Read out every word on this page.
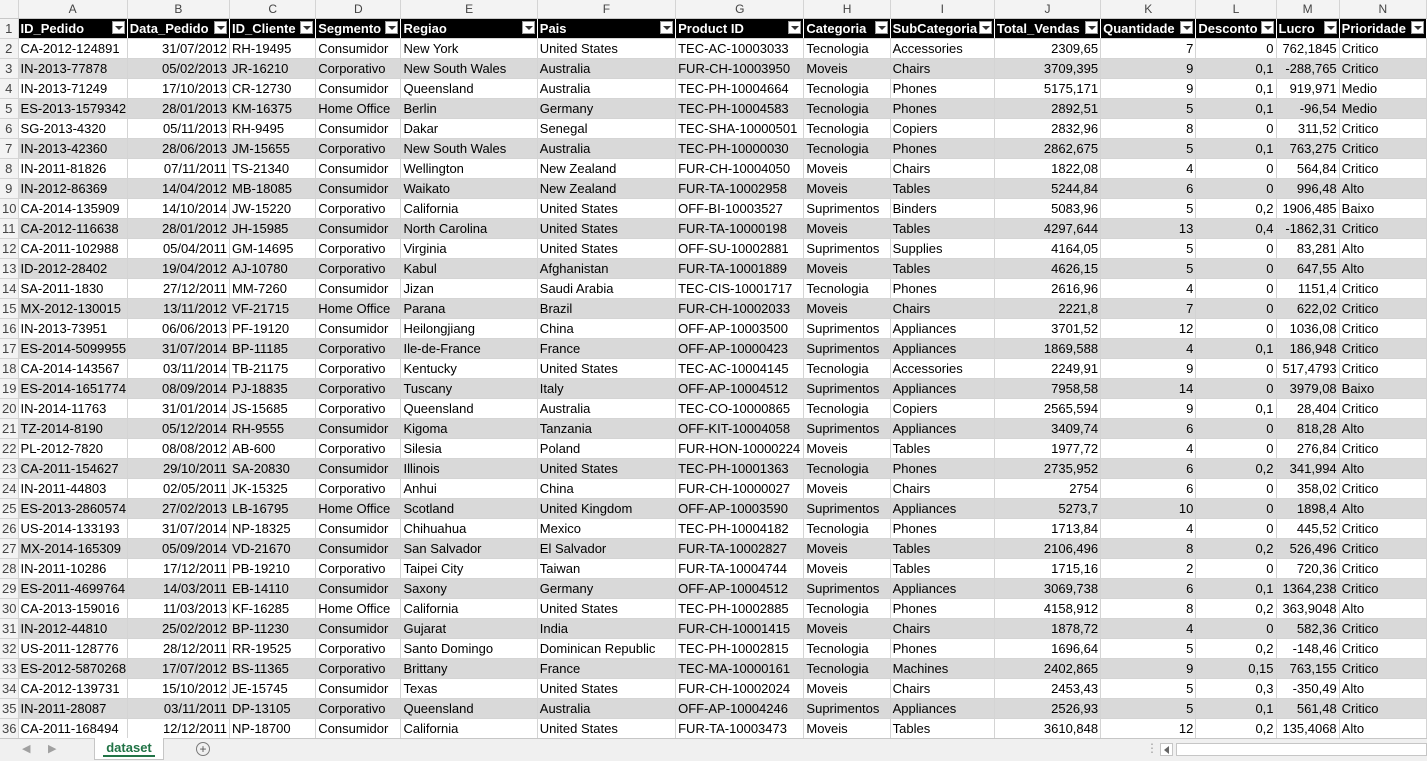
	A	B	C	D	E	F	G	H	I	J	K	L	M	N
1	ID_Pedido	Data_Pedido	ID_Cliente	Segmento	Regiao	Pais	Product ID	Categoria	SubCategoria	Total_Vendas	Quantidade	Desconto	Lucro	Prioridade

2	CA-2012-124891	31/07/2012	RH-19495	Consumidor	New York	United States	TEC-AC-10003033	Tecnologia	Accessories	2309,65	7	0	762,1845	Critico
3	IN-2013-77878	05/02/2013	JR-16210	Corporativo	New South Wales	Australia	FUR-CH-10003950	Moveis	Chairs	3709,395	9	0,1	-288,765	Critico
4	IN-2013-71249	17/10/2013	CR-12730	Consumidor	Queensland	Australia	TEC-PH-10004664	Tecnologia	Phones	5175,171	9	0,1	919,971	Medio
5	ES-2013-1579342	28/01/2013	KM-16375	Home Office	Berlin	Germany	TEC-PH-10004583	Tecnologia	Phones	2892,51	5	0,1	-96,54	Medio
6	SG-2013-4320	05/11/2013	RH-9495	Consumidor	Dakar	Senegal	TEC-SHA-10000501	Tecnologia	Copiers	2832,96	8	0	311,52	Critico
7	IN-2013-42360	28/06/2013	JM-15655	Corporativo	New South Wales	Australia	TEC-PH-10000030	Tecnologia	Phones	2862,675	5	0,1	763,275	Critico
8	IN-2011-81826	07/11/2011	TS-21340	Consumidor	Wellington	New Zealand	FUR-CH-10004050	Moveis	Chairs	1822,08	4	0	564,84	Critico
9	IN-2012-86369	14/04/2012	MB-18085	Consumidor	Waikato	New Zealand	FUR-TA-10002958	Moveis	Tables	5244,84	6	0	996,48	Alto
10	CA-2014-135909	14/10/2014	JW-15220	Corporativo	California	United States	OFF-BI-10003527	Suprimentos	Binders	5083,96	5	0,2	1906,485	Baixo
11	CA-2012-116638	28/01/2012	JH-15985	Consumidor	North Carolina	United States	FUR-TA-10000198	Moveis	Tables	4297,644	13	0,4	-1862,31	Critico
12	CA-2011-102988	05/04/2011	GM-14695	Corporativo	Virginia	United States	OFF-SU-10002881	Suprimentos	Supplies	4164,05	5	0	83,281	Alto
13	ID-2012-28402	19/04/2012	AJ-10780	Corporativo	Kabul	Afghanistan	FUR-TA-10001889	Moveis	Tables	4626,15	5	0	647,55	Alto
14	SA-2011-1830	27/12/2011	MM-7260	Consumidor	Jizan	Saudi Arabia	TEC-CIS-10001717	Tecnologia	Phones	2616,96	4	0	1151,4	Critico
15	MX-2012-130015	13/11/2012	VF-21715	Home Office	Parana	Brazil	FUR-CH-10002033	Moveis	Chairs	2221,8	7	0	622,02	Critico
16	IN-2013-73951	06/06/2013	PF-19120	Consumidor	Heilongjiang	China	OFF-AP-10003500	Suprimentos	Appliances	3701,52	12	0	1036,08	Critico
17	ES-2014-5099955	31/07/2014	BP-11185	Corporativo	Ile-de-France	France	OFF-AP-10000423	Suprimentos	Appliances	1869,588	4	0,1	186,948	Critico
18	CA-2014-143567	03/11/2014	TB-21175	Corporativo	Kentucky	United States	TEC-AC-10004145	Tecnologia	Accessories	2249,91	9	0	517,4793	Critico
19	ES-2014-1651774	08/09/2014	PJ-18835	Corporativo	Tuscany	Italy	OFF-AP-10004512	Suprimentos	Appliances	7958,58	14	0	3979,08	Baixo
20	IN-2014-11763	31/01/2014	JS-15685	Corporativo	Queensland	Australia	TEC-CO-10000865	Tecnologia	Copiers	2565,594	9	0,1	28,404	Critico
21	TZ-2014-8190	05/12/2014	RH-9555	Consumidor	Kigoma	Tanzania	OFF-KIT-10004058	Suprimentos	Appliances	3409,74	6	0	818,28	Alto
22	PL-2012-7820	08/08/2012	AB-600	Corporativo	Silesia	Poland	FUR-HON-10000224	Moveis	Tables	1977,72	4	0	276,84	Critico
23	CA-2011-154627	29/10/2011	SA-20830	Consumidor	Illinois	United States	TEC-PH-10001363	Tecnologia	Phones	2735,952	6	0,2	341,994	Alto
24	IN-2011-44803	02/05/2011	JK-15325	Corporativo	Anhui	China	FUR-CH-10000027	Moveis	Chairs	2754	6	0	358,02	Critico
25	ES-2013-2860574	27/02/2013	LB-16795	Home Office	Scotland	United Kingdom	OFF-AP-10003590	Suprimentos	Appliances	5273,7	10	0	1898,4	Alto
26	US-2014-133193	31/07/2014	NP-18325	Consumidor	Chihuahua	Mexico	TEC-PH-10004182	Tecnologia	Phones	1713,84	4	0	445,52	Critico
27	MX-2014-165309	05/09/2014	VD-21670	Consumidor	San Salvador	El Salvador	FUR-TA-10002827	Moveis	Tables	2106,496	8	0,2	526,496	Critico
28	IN-2011-10286	17/12/2011	PB-19210	Corporativo	Taipei City	Taiwan	FUR-TA-10004744	Moveis	Tables	1715,16	2	0	720,36	Critico
29	ES-2011-4699764	14/03/2011	EB-14110	Consumidor	Saxony	Germany	OFF-AP-10004512	Suprimentos	Appliances	3069,738	6	0,1	1364,238	Critico
30	CA-2013-159016	11/03/2013	KF-16285	Home Office	California	United States	TEC-PH-10002885	Tecnologia	Phones	4158,912	8	0,2	363,9048	Alto
31	IN-2012-44810	25/02/2012	BP-11230	Consumidor	Gujarat	India	FUR-CH-10001415	Moveis	Chairs	1878,72	4	0	582,36	Critico
32	US-2011-128776	28/12/2011	RR-19525	Corporativo	Santo Domingo	Dominican Republic	TEC-PH-10002815	Tecnologia	Phones	1696,64	5	0,2	-148,46	Critico
33	ES-2012-5870268	17/07/2012	BS-11365	Corporativo	Brittany	France	TEC-MA-10000161	Tecnologia	Machines	2402,865	9	0,15	763,155	Critico
34	CA-2012-139731	15/10/2012	JE-15745	Consumidor	Texas	United States	FUR-CH-10002024	Moveis	Chairs	2453,43	5	0,3	-350,49	Alto
35	IN-2011-28087	03/11/2011	DP-13105	Corporativo	Queensland	Australia	OFF-AP-10004246	Suprimentos	Appliances	2526,93	5	0,1	561,48	Critico
36	CA-2011-168494	12/12/2011	NP-18700	Consumidor	California	United States	FUR-TA-10003473	Moveis	Tables	3610,848	12	0,2	135,4068	Alto
◀ ▶	dataset	+	⋮
